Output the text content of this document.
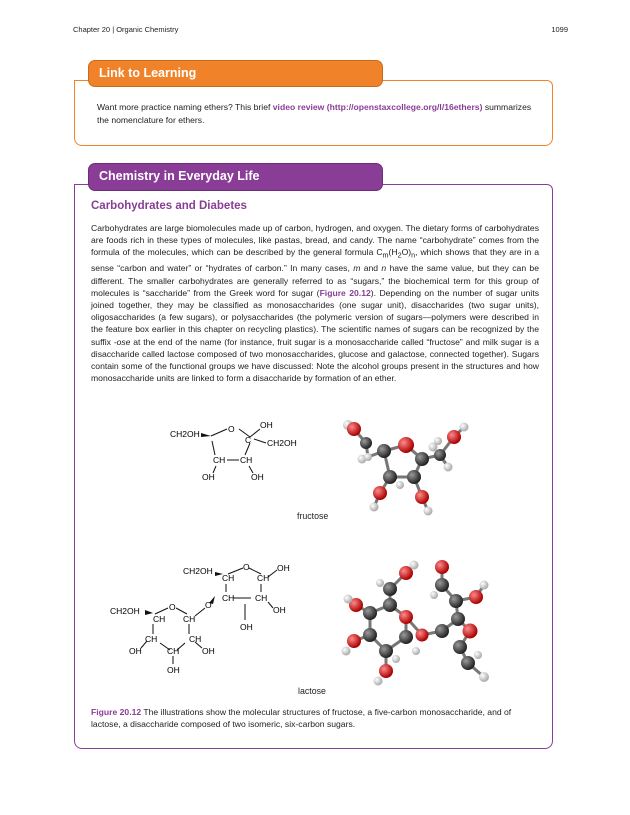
Chapter 20 | Organic Chemistry	1099
Link to Learning
Want more practice naming ethers? This brief video review (http://openstaxcollege.org/l/16ethers) summarizes the nomenclature for ethers.
Chemistry in Everyday Life
Carbohydrates and Diabetes
Carbohydrates are large biomolecules made up of carbon, hydrogen, and oxygen. The dietary forms of carbohydrates are foods rich in these types of molecules, like pastas, bread, and candy. The name “carbohydrate” comes from the formula of the molecules, which can be described by the general formula $C_m(H_2O)_n$, which shows that they are in a sense “carbon and water” or “hydrates of carbon.” In many cases, m and n have the same value, but they can be different. The smaller carbohydrates are generally referred to as “sugars,” the biochemical term for this group of molecules is “saccharide” from the Greek word for sugar (Figure 20.12). Depending on the number of sugar units joined together, they may be classified as monosaccharides (one sugar unit), disaccharides (two sugar units), oligosaccharides (a few sugars), or polysaccharides (the polymeric version of sugars—polymers were described in the feature box earlier in this chapter on recycling plastics). The scientific names of sugars can be recognized by the suffix -ose at the end of the name (for instance, fruit sugar is a monosaccharide called “fructose” and milk sugar is a disaccharide called lactose composed of two monosaccharides, glucose and galactose, connected together). Sugars contain some of the functional groups we have discussed: Note the alcohol groups present in the structures and how monosaccharide units are linked to form a disaccharide by formation of an ether.
CH2OH	O	OH
C CH2OH
CH CH
OH	OH
fructose
CH2OH	O
CH	CH
OH
CH CH
OH
OH
O
CH2OH	O
CH CH
CH	CH
CH
OH	OH
OH
lactose
Figure 20.12 The illustrations show the molecular structures of fructose, a five-carbon monosaccharide, and of lactose, a disaccharide composed of two isomeric, six-carbon sugars.
